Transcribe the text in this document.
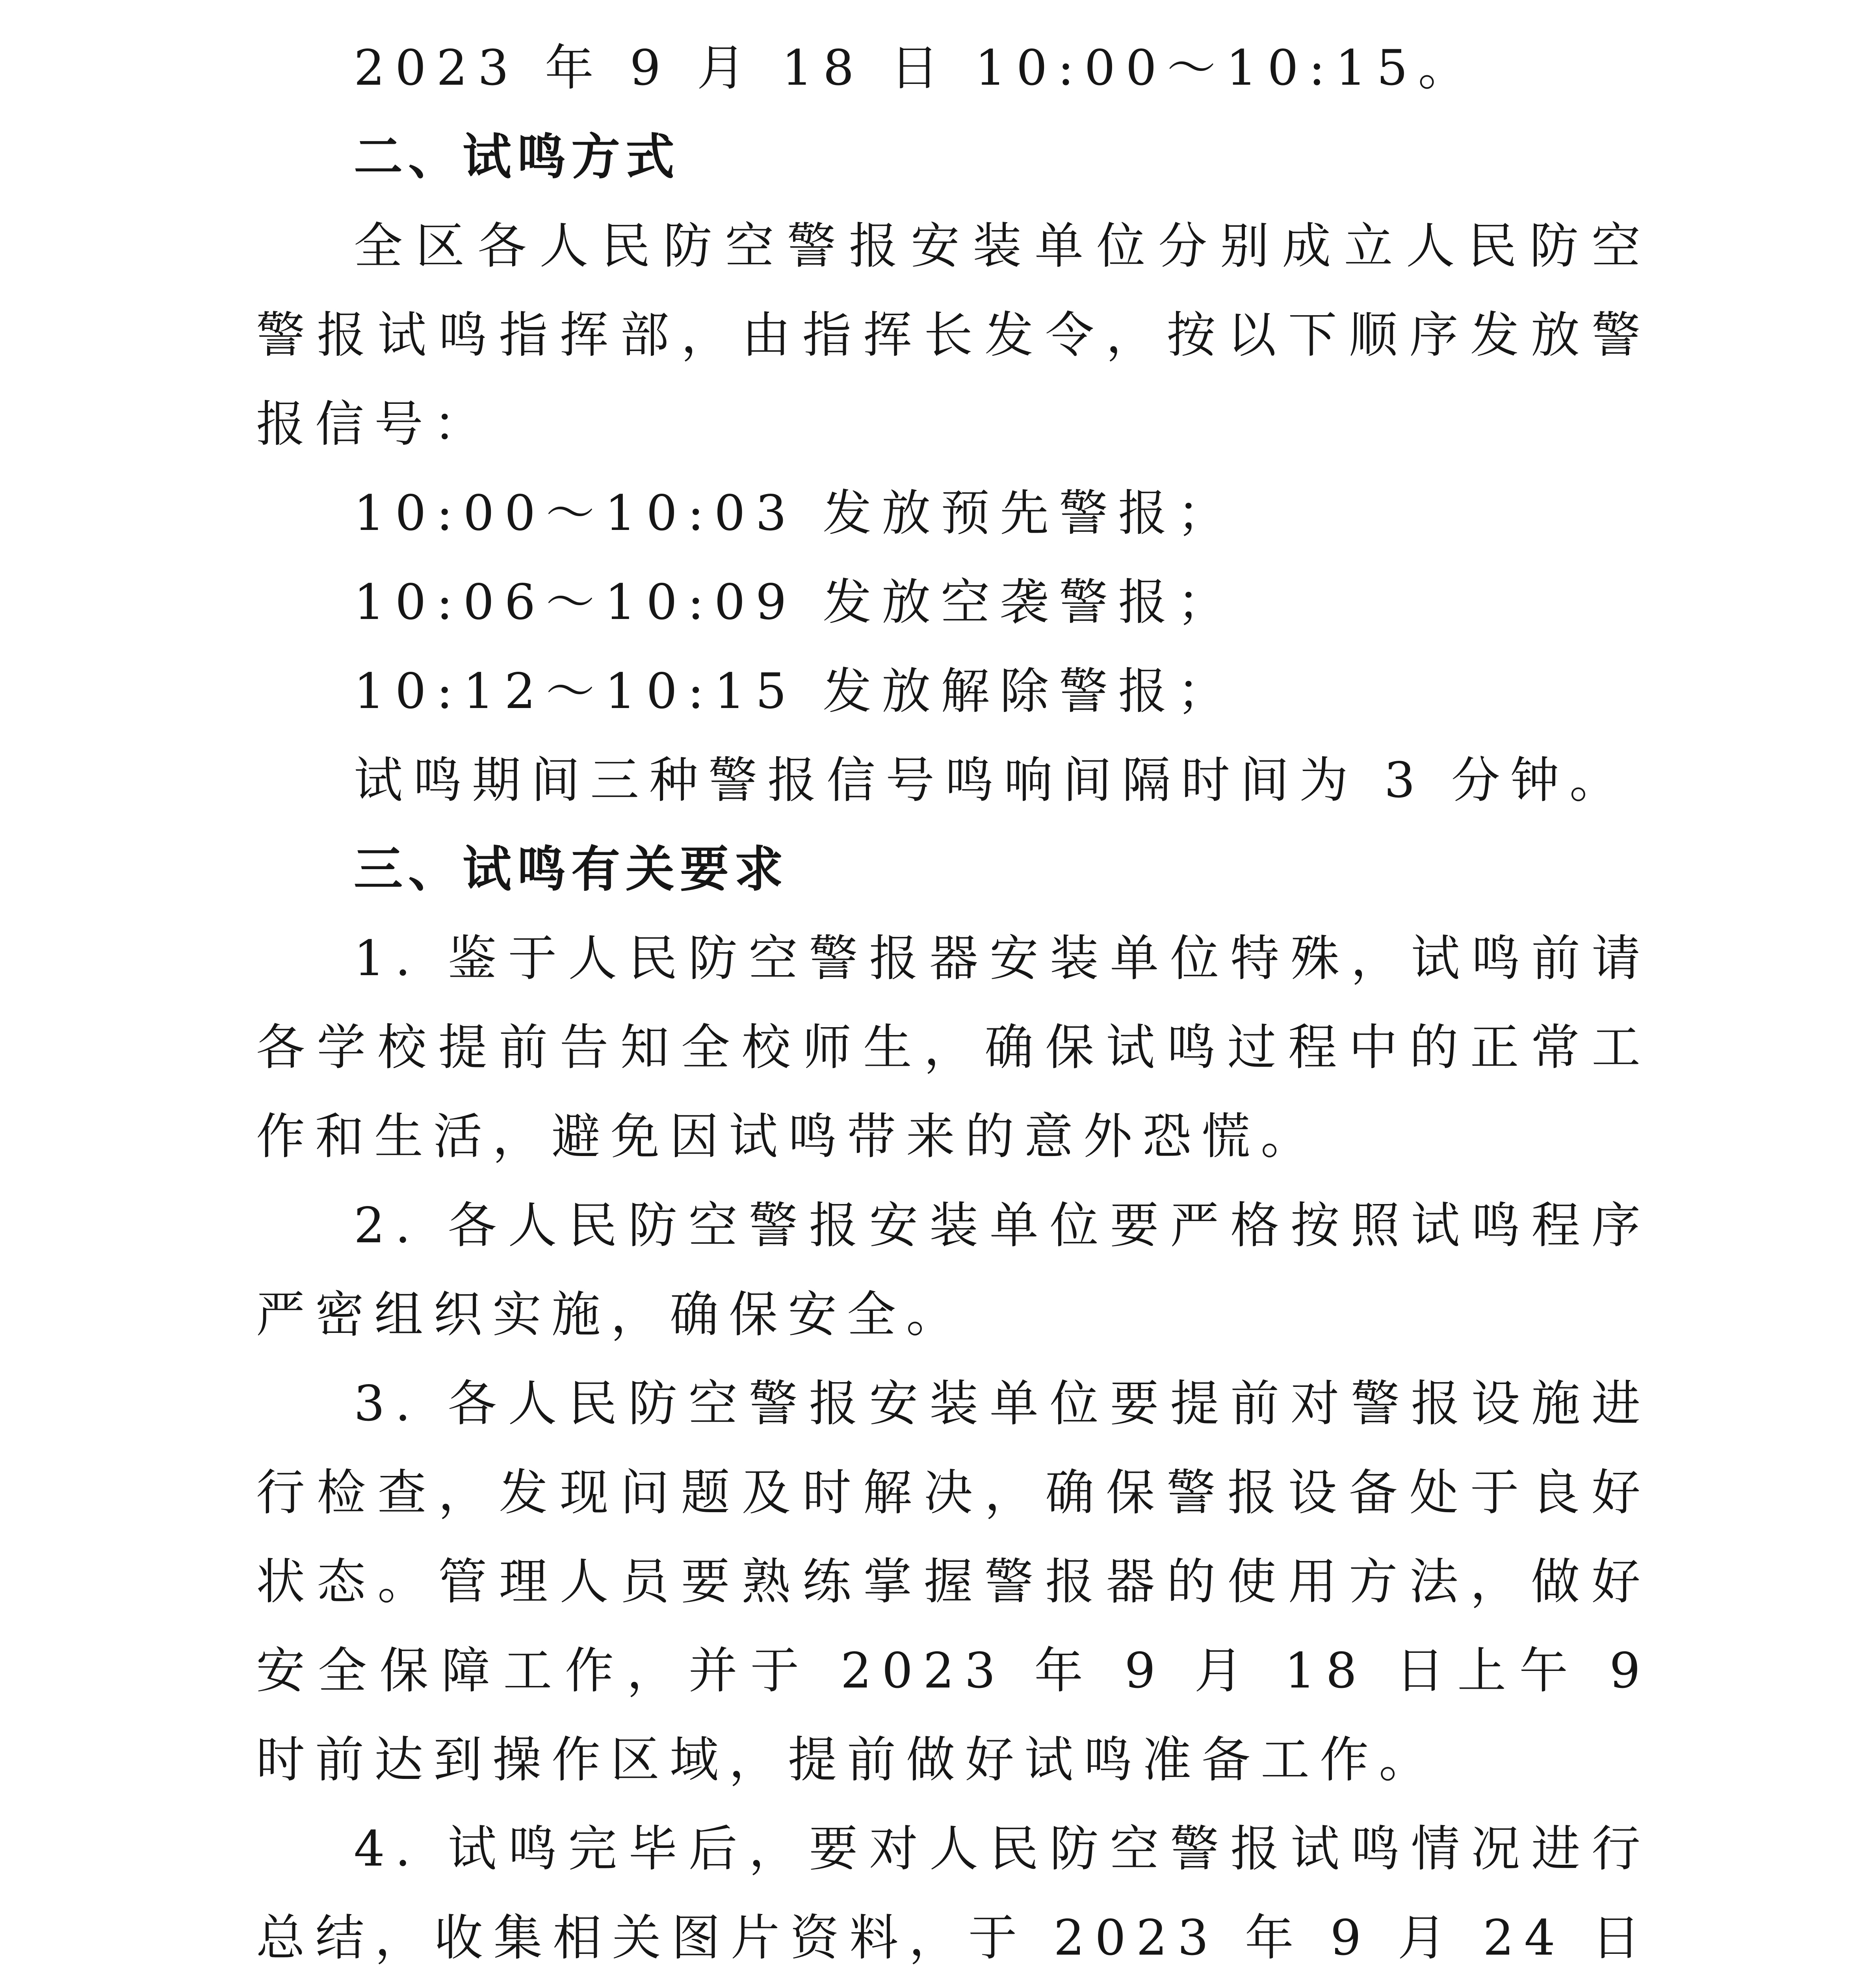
2023 年 9 月 18 日 10:00～10:15。

二、试鸣方式

全区各人民防空警报安装单位分别成立人民防空警报试鸣指挥部，由指挥长发令，按以下顺序发放警报信号：

10:00～10:03 发放预先警报；
10:06～10:09 发放空袭警报；
10:12～10:15 发放解除警报；

试鸣期间三种警报信号鸣响间隔时间为 3 分钟。

三、试鸣有关要求

1. 鉴于人民防空警报器安装单位特殊，试鸣前请各学校提前告知全校师生，确保试鸣过程中的正常工作和生活，避免因试鸣带来的意外恐慌。

2. 各人民防空警报安装单位要严格按照试鸣程序严密组织实施，确保安全。

3. 各人民防空警报安装单位要提前对警报设施进行检查，发现问题及时解决，确保警报设备处于良好状态。管理人员要熟练掌握警报器的使用方法，做好安全保障工作，并于 2023 年 9 月 18 日上午 9 时前达到操作区域，提前做好试鸣准备工作。

4. 试鸣完毕后，要对人民防空警报试鸣情况进行总结，收集相关图片资料，于 2023 年 9 月 24 日
